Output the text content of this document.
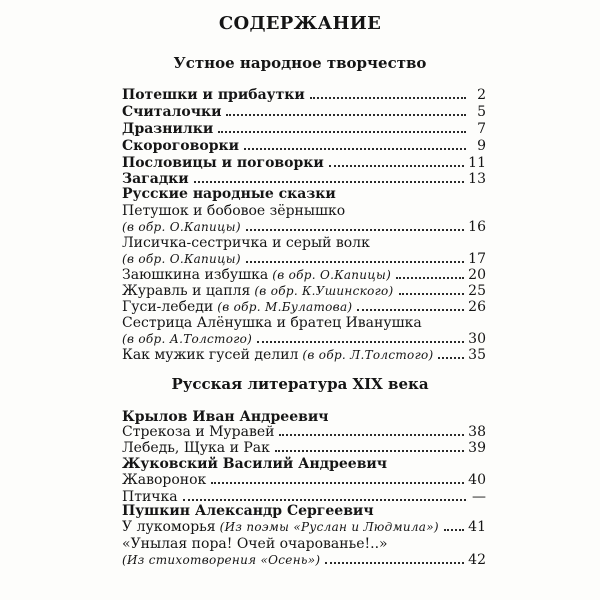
СОДЕРЖАНИЕ
Устное народное творчество
Потешки и прибаутки	2
Считалочки	5
Дразнилки	7
Скороговорки	9
Пословицы и поговорки	11
Загадки	13
Русские народные сказки
Петушок и бобовое зёрнышко
(в обр. О.Капицы)	16
Лисичка-сестричка и серый волк
(в обр. О.Капицы)	17
Заюшкина избушка (в обр. О.Капицы)	20
Журавль и цапля (в обр. К.Ушинского)	25
Гуси-лебеди (в обр. М.Булатова)	26
Сестрица Алёнушка и братец Иванушка
(в обр. А.Толстого)	30
Как мужик гусей делил (в обр. Л.Толстого) 35
Русская литература XIX века
Крылов Иван Андреевич
Стрекоза и Муравей	38
Лебедь, Щука и Рак	39
Жуковский Василий Андреевич
Жаворонок	40
Птичка	—
Пушкин Александр Сергеевич
У лукоморья (Из поэмы «Руслан и Людмила») 41
«Унылая пора! Очей очарованье!..»
(Из стихотворения «Осень»)	42
